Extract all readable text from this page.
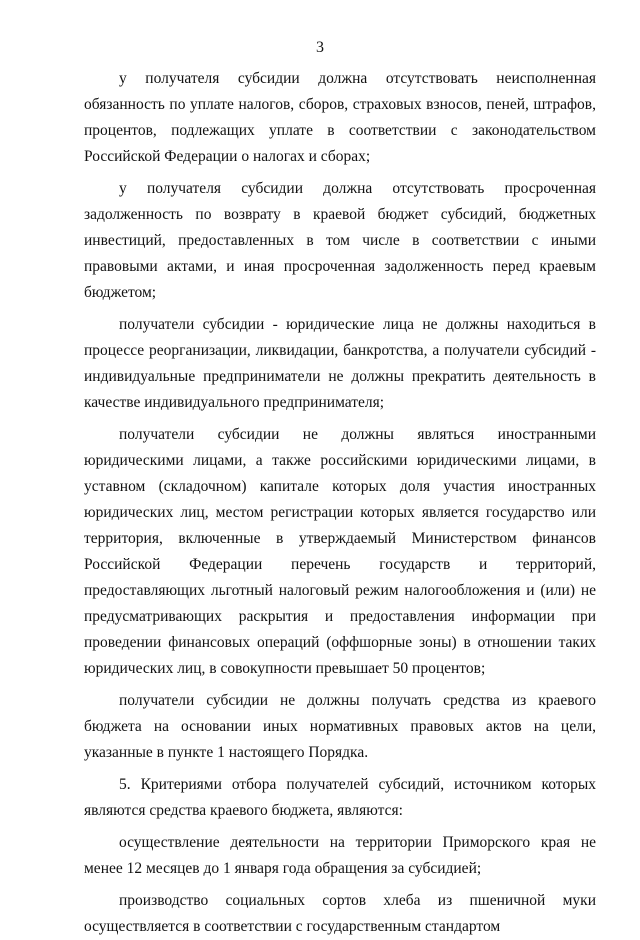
3

у получателя субсидии должна отсутствовать неисполненная обязанность по уплате налогов, сборов, страховых взносов, пеней, штрафов, процентов, подлежащих уплате в соответствии с законодательством Российской Федерации о налогах и сборах;

у получателя субсидии должна отсутствовать просроченная задолженность по возврату в краевой бюджет субсидий, бюджетных инвестиций, предоставленных в том числе в соответствии с иными правовыми актами, и иная просроченная задолженность перед краевым бюджетом;

получатели субсидии - юридические лица не должны находиться в процессе реорганизации, ликвидации, банкротства, а получатели субсидий - индивидуальные предприниматели не должны прекратить деятельность в качестве индивидуального предпринимателя;

получатели субсидии не должны являться иностранными юридическими лицами, а также российскими юридическими лицами, в уставном (складочном) капитале которых доля участия иностранных юридических лиц, местом регистрации которых является государство или территория, включенные в утверждаемый Министерством финансов Российской Федерации перечень государств и территорий, предоставляющих льготный налоговый режим налогообложения и (или) не предусматривающих раскрытия и предоставления информации при проведении финансовых операций (оффшорные зоны) в отношении таких юридических лиц, в совокупности превышает 50 процентов;

получатели субсидии не должны получать средства из краевого бюджета на основании иных нормативных правовых актов на цели, указанные в пункте 1 настоящего Порядка.

5. Критериями отбора получателей субсидий, источником которых являются средства краевого бюджета, являются:

осуществление деятельности на территории Приморского края не менее 12 месяцев до 1 января года обращения за субсидией;

производство социальных сортов хлеба из пшеничной муки осуществляется в соответствии с государственным стандартом
